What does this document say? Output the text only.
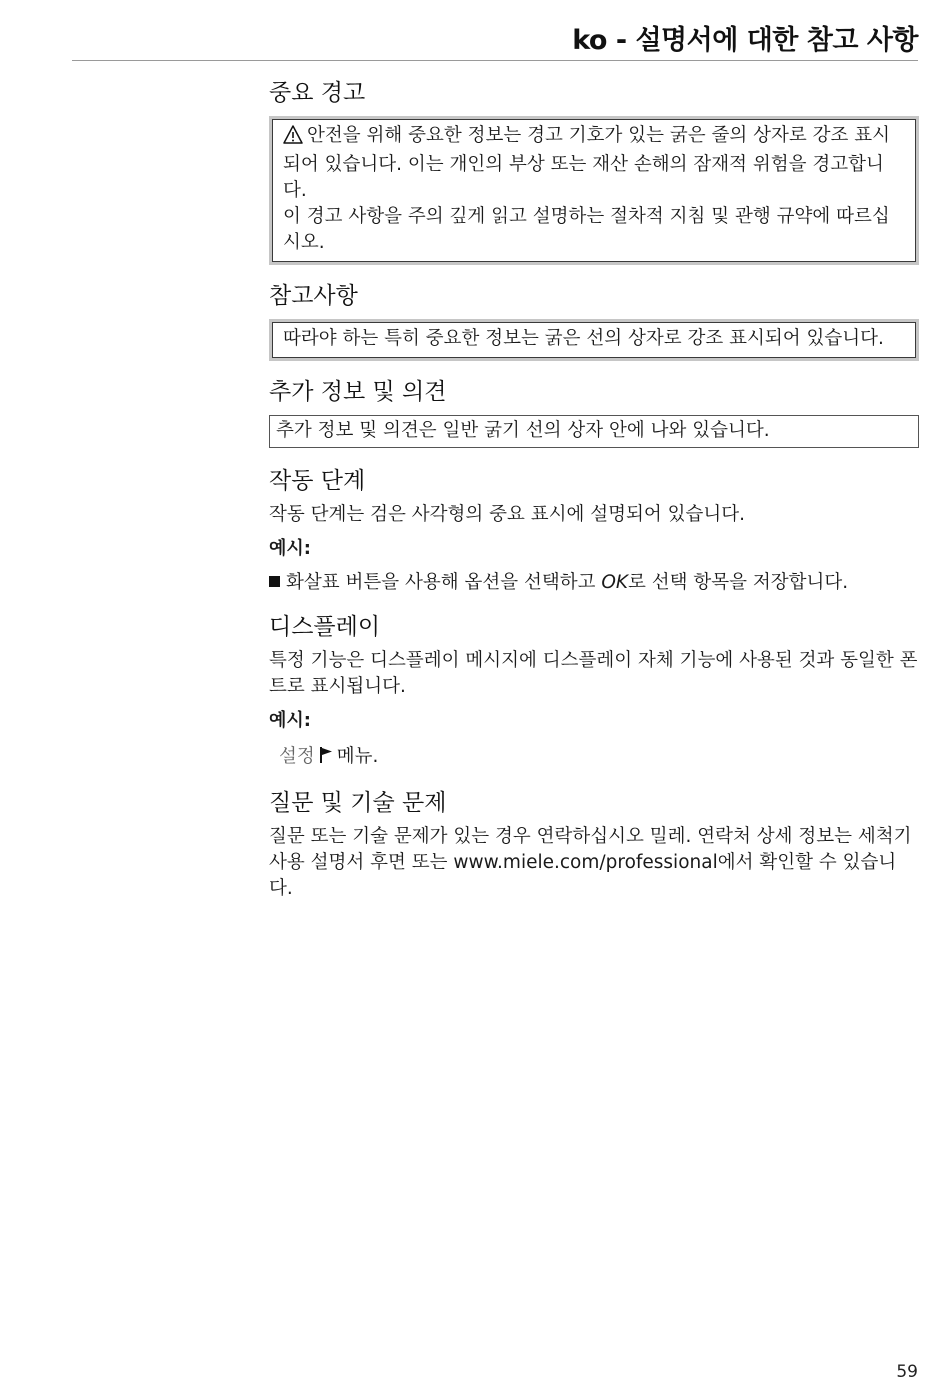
ko - 설명서에 대한 참고 사항
중요 경고

안전을 위해 중요한 정보는 경고 기호가 있는 굵은 줄의 상자로 강조 표시되어 있습니다. 이는 개인의 부상 또는 재산 손해의 잠재적 위험을 경고합니다.

이 경고 사항을 주의 깊게 읽고 설명하는 절차적 지침 및 관행 규약에 따르십시오.

참고사항

따라야 하는 특히 중요한 정보는 굵은 선의 상자로 강조 표시되어 있습니다.

추가 정보 및 의견

추가 정보 및 의견은 일반 굵기 선의 상자 안에 나와 있습니다.

작동 단계

작동 단계는 검은 사각형의 중요 표시에 설명되어 있습니다.

예시:

화살표 버튼을 사용해 옵션을 선택하고 OK로 선택 항목을 저장합니다.

디스플레이

특정 기능은 디스플레이 메시지에 디스플레이 자체 기능에 사용된 것과 동일한 폰트로 표시됩니다.

예시:

설정 메뉴.

질문 및 기술 문제

질문 또는 기술 문제가 있는 경우 연락하십시오 밀레. 연락처 상세 정보는 세척기 사용 설명서 후면 또는 www.miele.com/professional에서 확인할 수 있습니다.

59
